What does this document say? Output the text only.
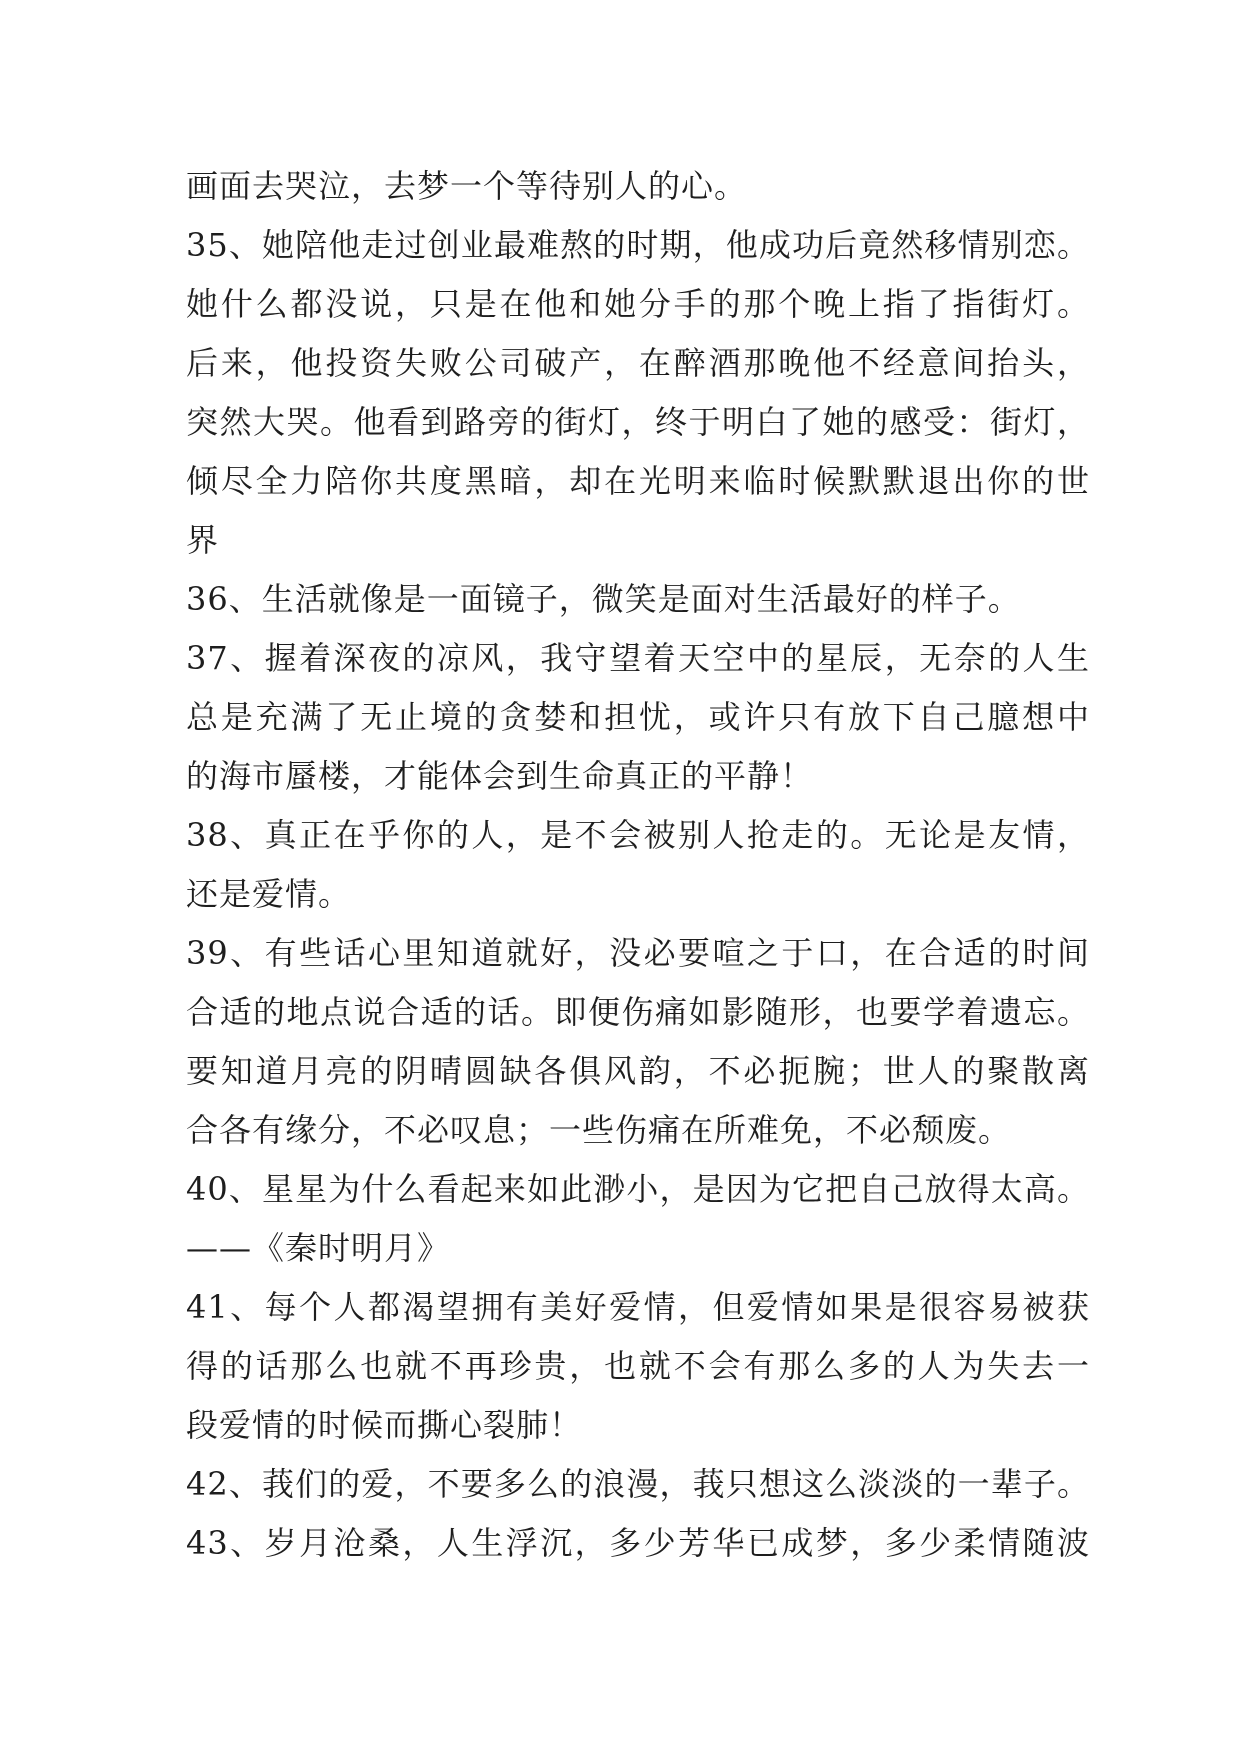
画面去哭泣，去梦一个等待别人的心。
35、她陪他走过创业最难熬的时期，他成功后竟然移情别恋。
她什么都没说，只是在他和她分手的那个晚上指了指街灯。
后来，他投资失败公司破产，在醉酒那晚他不经意间抬头，
突然大哭。他看到路旁的街灯，终于明白了她的感受：街灯，
倾尽全力陪你共度黑暗，却在光明来临时候默默退出你的世
界
36、生活就像是一面镜子，微笑是面对生活最好的样子。
37、握着深夜的凉风，我守望着天空中的星辰，无奈的人生
总是充满了无止境的贪婪和担忧，或许只有放下自己臆想中
的海市蜃楼，才能体会到生命真正的平静！
38、真正在乎你的人，是不会被别人抢走的。无论是友情，
还是爱情。
39、有些话心里知道就好，没必要喧之于口，在合适的时间
合适的地点说合适的话。即便伤痛如影随形，也要学着遗忘。
要知道月亮的阴晴圆缺各俱风韵，不必扼腕；世人的聚散离
合各有缘分，不必叹息；一些伤痛在所难免，不必颓废。
40、星星为什么看起来如此渺小，是因为它把自己放得太高。
——《秦时明月》
41、每个人都渴望拥有美好爱情，但爱情如果是很容易被获
得的话那么也就不再珍贵，也就不会有那么多的人为失去一
段爱情的时候而撕心裂肺！
42、莪们的爱，不要多么的浪漫，莪只想这么淡淡的一辈子。
43、岁月沧桑，人生浮沉，多少芳华已成梦，多少柔情随波
